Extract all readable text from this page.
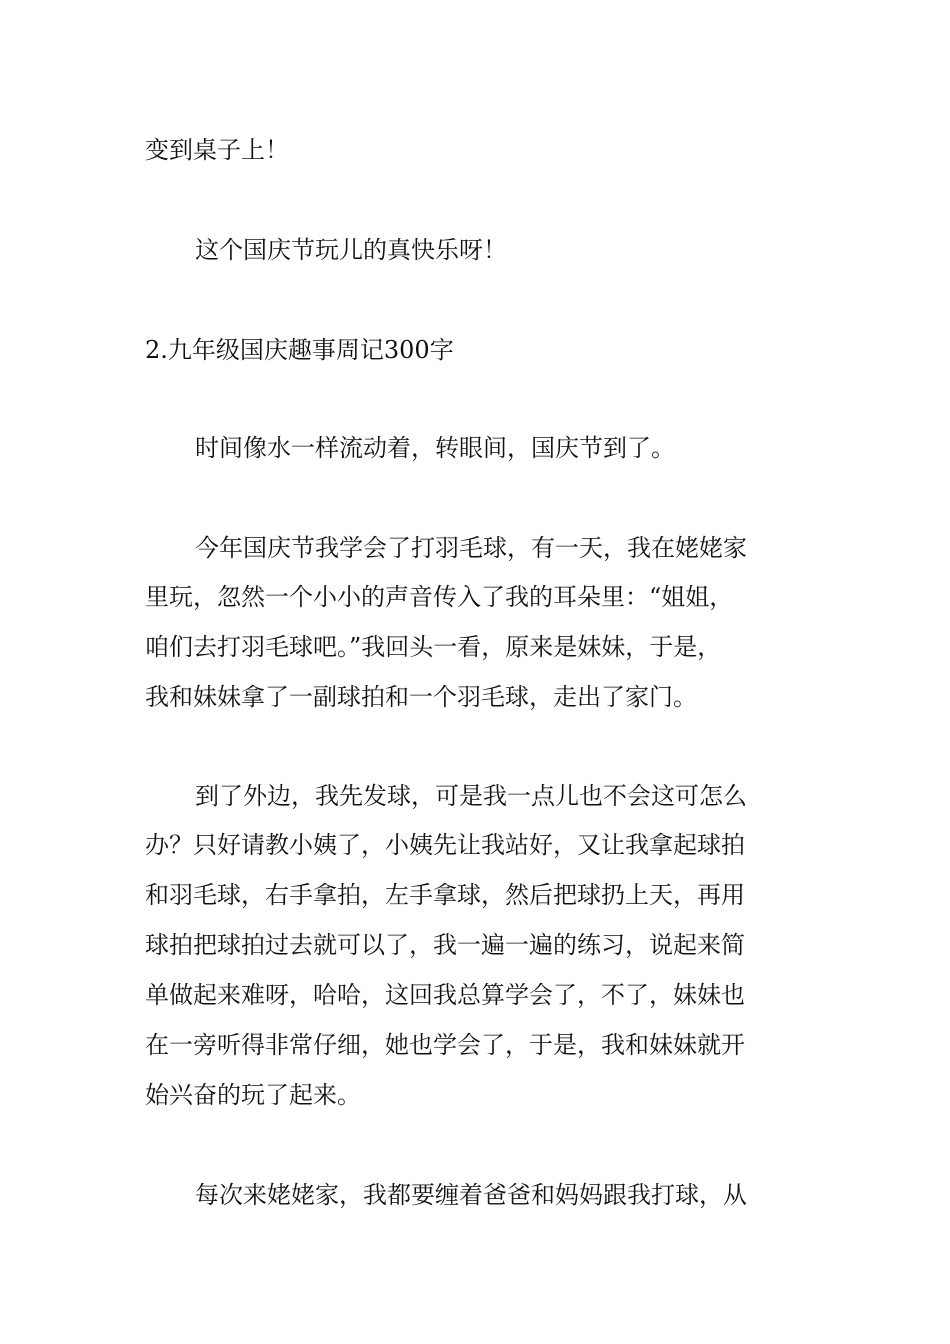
变到桌子上！
这个国庆节玩儿的真快乐呀！
2.九年级国庆趣事周记300字
时间像水一样流动着，转眼间，国庆节到了。
今年国庆节我学会了打羽毛球，有一天，我在姥姥家
里玩，忽然一个小小的声音传入了我的耳朵里：“姐姐，
咱们去打羽毛球吧。”我回头一看，原来是妹妹，于是，
我和妹妹拿了一副球拍和一个羽毛球，走出了家门。
到了外边，我先发球，可是我一点儿也不会这可怎么
办？只好请教小姨了，小姨先让我站好，又让我拿起球拍
和羽毛球，右手拿拍，左手拿球，然后把球扔上天，再用
球拍把球拍过去就可以了，我一遍一遍的练习，说起来简
单做起来难呀，哈哈，这回我总算学会了，不了，妹妹也
在一旁听得非常仔细，她也学会了，于是，我和妹妹就开
始兴奋的玩了起来。
每次来姥姥家，我都要缠着爸爸和妈妈跟我打球，从
